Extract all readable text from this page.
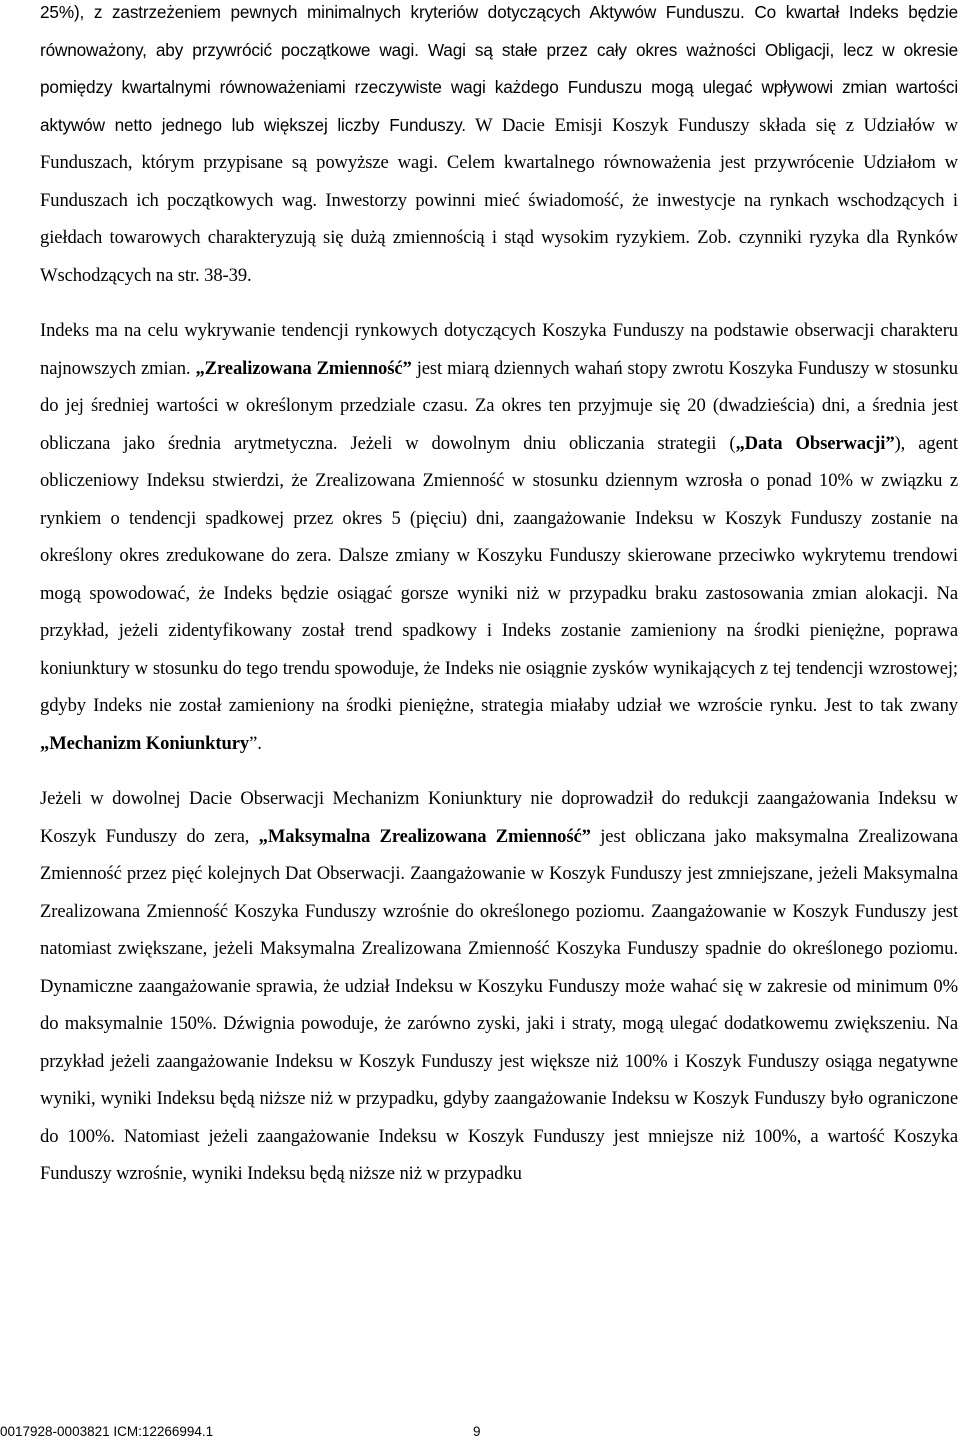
25%), z zastrzeżeniem pewnych minimalnych kryteriów dotyczących Aktywów Funduszu. Co kwartał Indeks będzie równoważony, aby przywrócić początkowe wagi. Wagi są stałe przez cały okres ważności Obligacji, lecz w okresie pomiędzy kwartalnymi równoważeniami rzeczywiste wagi każdego Funduszu mogą ulegać wpływowi zmian wartości aktywów netto jednego lub większej liczby Funduszy. W Dacie Emisji Koszyk Funduszy składa się z Udziałów w Funduszach, którym przypisane są powyższe wagi. Celem kwartalnego równoważenia jest przywrócenie Udziałom w Funduszach ich początkowych wag. Inwestorzy powinni mieć świadomość, że inwestycje na rynkach wschodzących i giełdach towarowych charakteryzują się dużą zmiennością i stąd wysokim ryzykiem. Zob. czynniki ryzyka dla Rynków Wschodzących na str. 38-39.

Indeks ma na celu wykrywanie tendencji rynkowych dotyczących Koszyka Funduszy na podstawie obserwacji charakteru najnowszych zmian. „Zrealizowana Zmienność” jest miarą dziennych wahań stopy zwrotu Koszyka Funduszy w stosunku do jej średniej wartości w określonym przedziale czasu. Za okres ten przyjmuje się 20 (dwadzieścia) dni, a średnia jest obliczana jako średnia arytmetyczna. Jeżeli w dowolnym dniu obliczania strategii („Data Obserwacji”), agent obliczeniowy Indeksu stwierdzi, że Zrealizowana Zmienność w stosunku dziennym wzrosła o ponad 10% w związku z rynkiem o tendencji spadkowej przez okres 5 (pięciu) dni, zaangażowanie Indeksu w Koszyk Funduszy zostanie na określony okres zredukowane do zera. Dalsze zmiany w Koszyku Funduszy skierowane przeciwko wykrytemu trendowi mogą spowodować, że Indeks będzie osiągać gorsze wyniki niż w przypadku braku zastosowania zmian alokacji. Na przykład, jeżeli zidentyfikowany został trend spadkowy i Indeks zostanie zamieniony na środki pieniężne, poprawa koniunktury w stosunku do tego trendu spowoduje, że Indeks nie osiągnie zysków wynikających z tej tendencji wzrostowej; gdyby Indeks nie został zamieniony na środki pieniężne, strategia miałaby udział we wzroście rynku. Jest to tak zwany „Mechanizm Koniunktury”.

Jeżeli w dowolnej Dacie Obserwacji Mechanizm Koniunktury nie doprowadził do redukcji zaangażowania Indeksu w Koszyk Funduszy do zera, „Maksymalna Zrealizowana Zmienność” jest obliczana jako maksymalna Zrealizowana Zmienność przez pięć kolejnych Dat Obserwacji. Zaangażowanie w Koszyk Funduszy jest zmniejszane, jeżeli Maksymalna Zrealizowana Zmienność Koszyka Funduszy wzrośnie do określonego poziomu. Zaangażowanie w Koszyk Funduszy jest natomiast zwiększane, jeżeli Maksymalna Zrealizowana Zmienność Koszyka Funduszy spadnie do określonego poziomu. Dynamiczne zaangażowanie sprawia, że udział Indeksu w Koszyku Funduszy może wahać się w zakresie od minimum 0% do maksymalnie 150%. Dźwignia powoduje, że zarówno zyski, jaki i straty, mogą ulegać dodatkowemu zwiększeniu. Na przykład jeżeli zaangażowanie Indeksu w Koszyk Funduszy jest większe niż 100% i Koszyk Funduszy osiąga negatywne wyniki, wyniki Indeksu będą niższe niż w przypadku, gdyby zaangażowanie Indeksu w Koszyk Funduszy było ograniczone do 100%. Natomiast jeżeli zaangażowanie Indeksu w Koszyk Funduszy jest mniejsze niż 100%, a wartość Koszyka Funduszy wzrośnie, wyniki Indeksu będą niższe niż w przypadku

0017928-0003821 ICM:12266994.1	9
